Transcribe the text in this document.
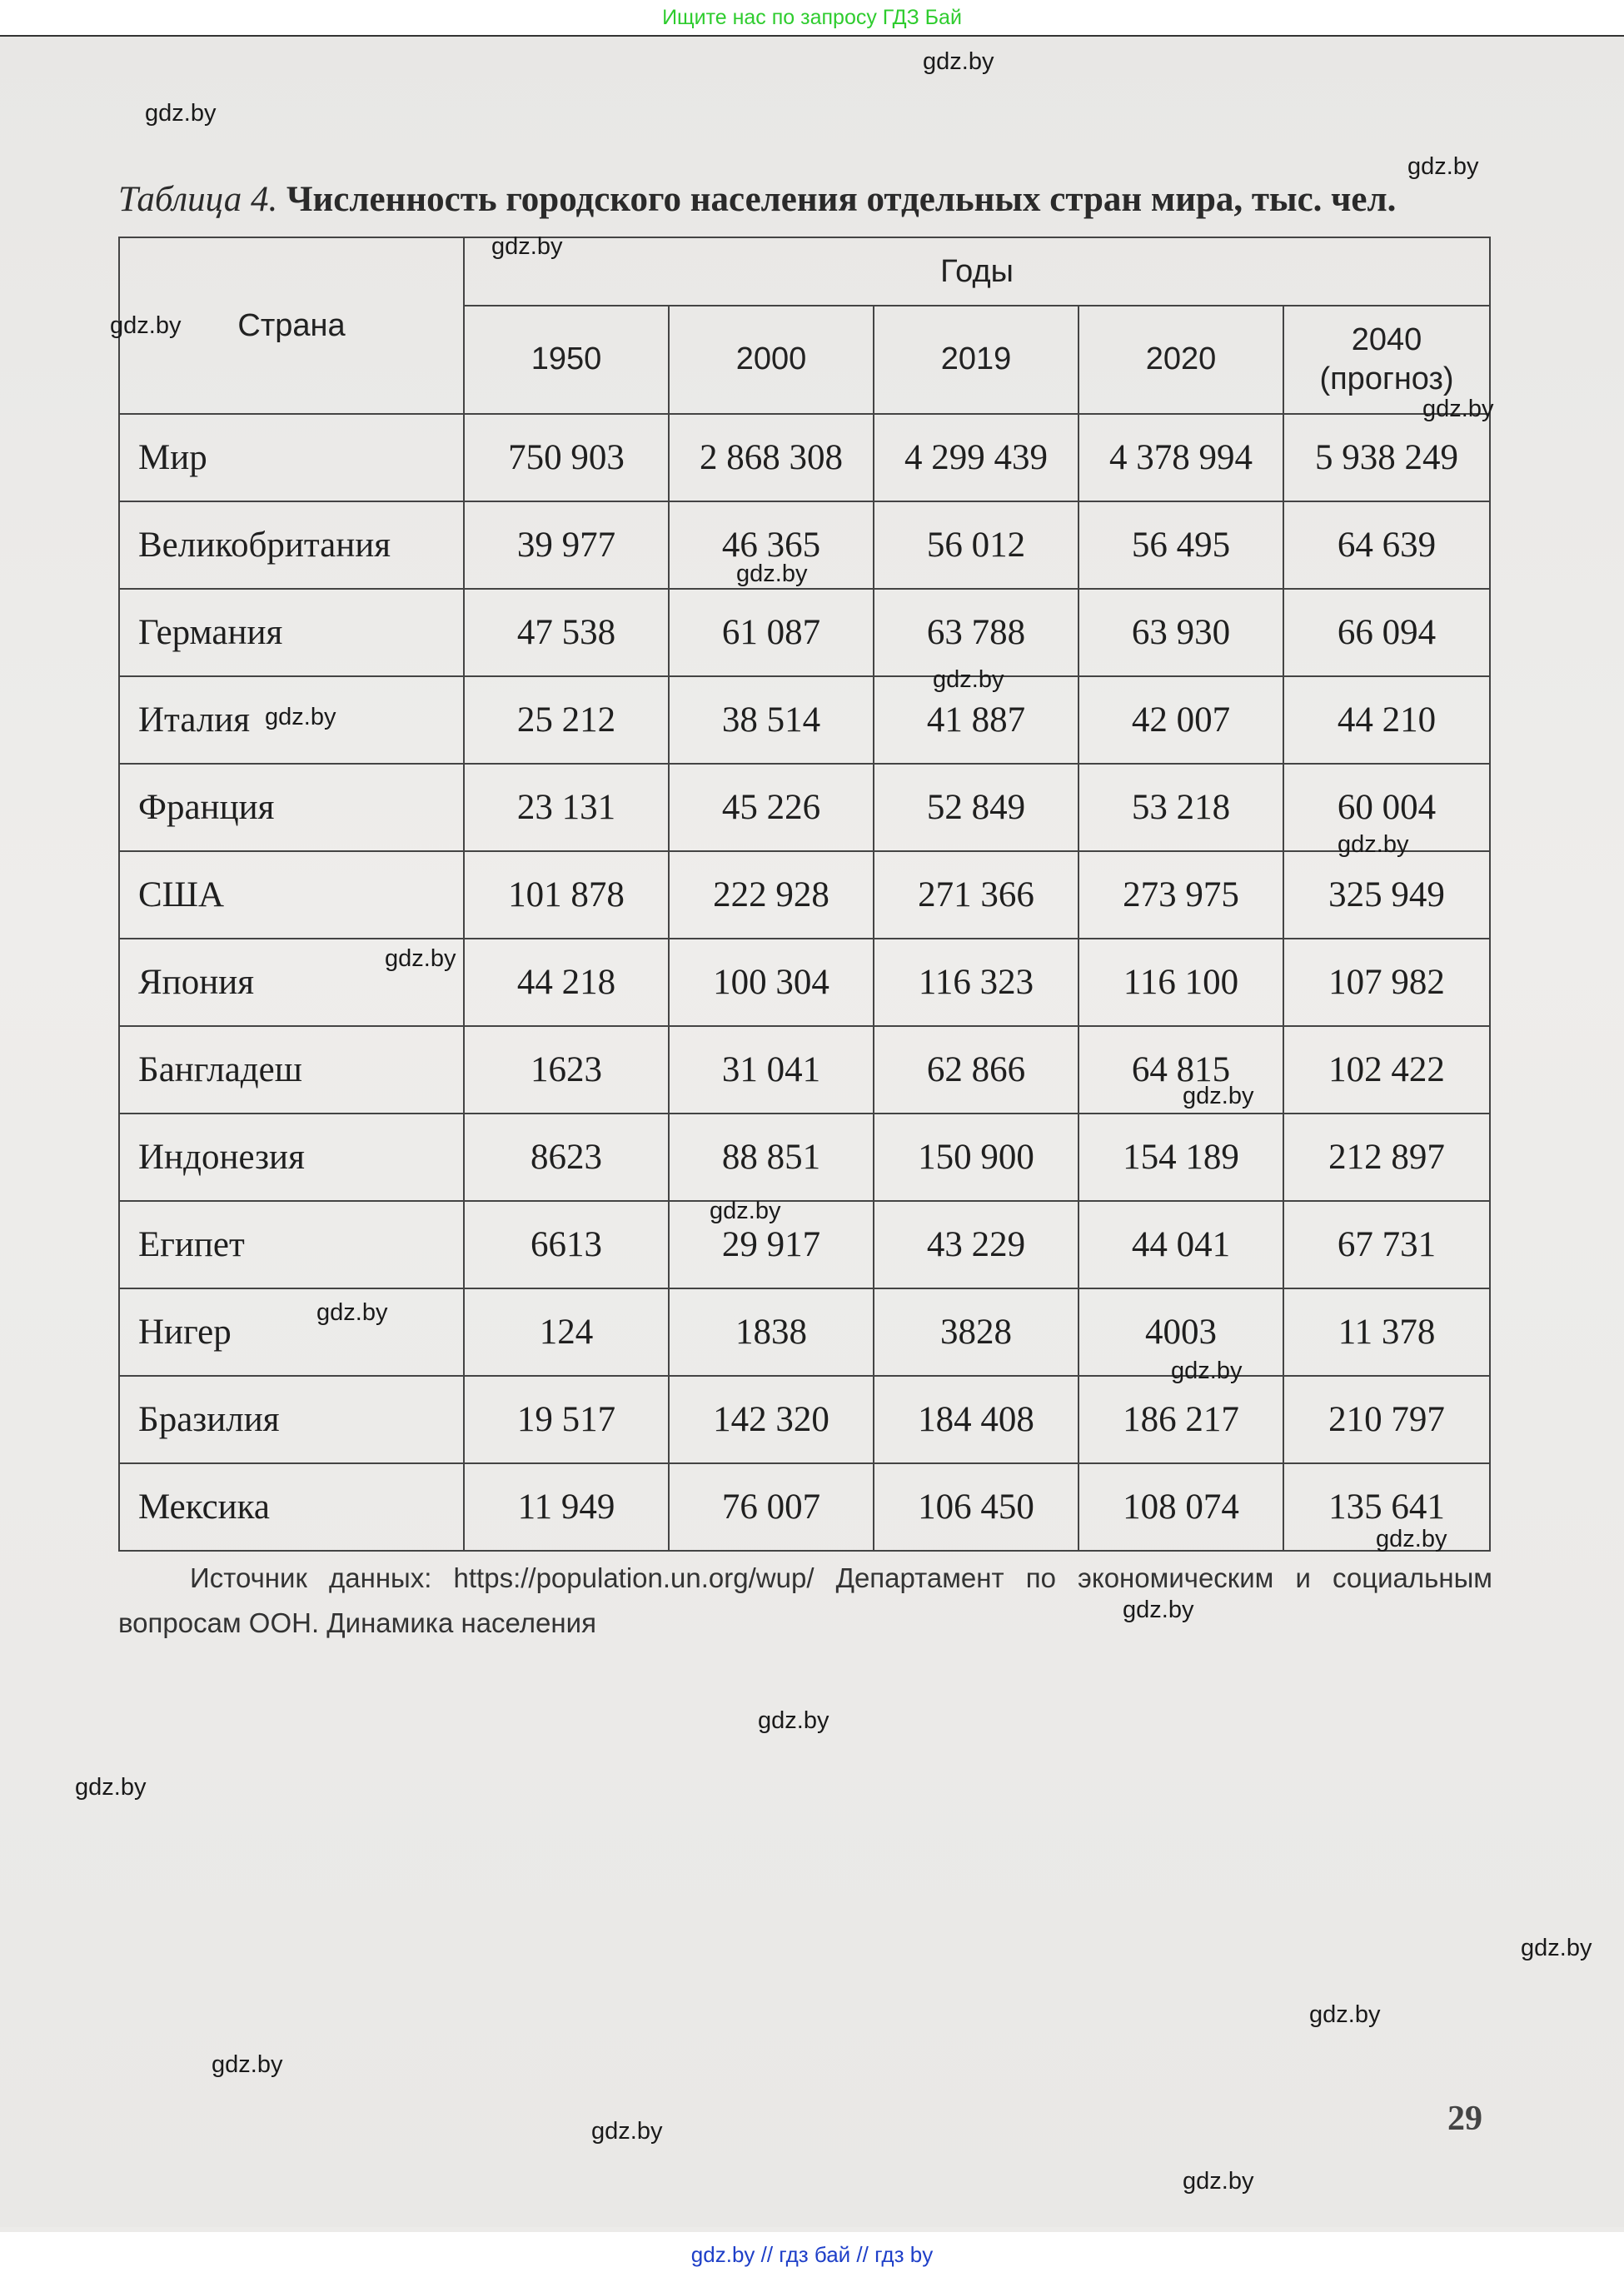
Ищите нас по запросу ГДЗ Бай
Таблица 4. Численность городского населения отдельных стран мира, тыс. чел.
Страна	Годы				
	1950	2000	2019	2020	2040
(прогноз)
Мир	750 903	2 868 308	4 299 439	4 378 994	5 938 249
Великобритания	39 977	46 365	56 012	56 495	64 639
Германия	47 538	61 087	63 788	63 930	66 094
Италия	25 212	38 514	41 887	42 007	44 210
Франция	23 131	45 226	52 849	53 218	60 004
США	101 878	222 928	271 366	273 975	325 949
Япония	44 218	100 304	116 323	116 100	107 982
Бангладеш	1623	31 041	62 866	64 815	102 422
Индонезия	8623	88 851	150 900	154 189	212 897
Египет	6613	29 917	43 229	44 041	67 731
Нигер	124	1838	3828	4003	11 378
Бразилия	19 517	142 320	184 408	186 217	210 797
Мексика	11 949	76 007	106 450	108 074	135 641
Источник данных: https://population.un.org/wup/ Департамент по экономическим и социальным вопросам ООН. Динамика населения
29
gdz.by
gdz.by
gdz.by
gdz.by
gdz.by
gdz.by
gdz.by
gdz.by
gdz.by
gdz.by
gdz.by
gdz.by
gdz.by
gdz.by
gdz.by
gdz.by
gdz.by
gdz.by
gdz.by
gdz.by
gdz.by
gdz.by
gdz.by
gdz.by
gdz.by // гдз бай // гдз by
